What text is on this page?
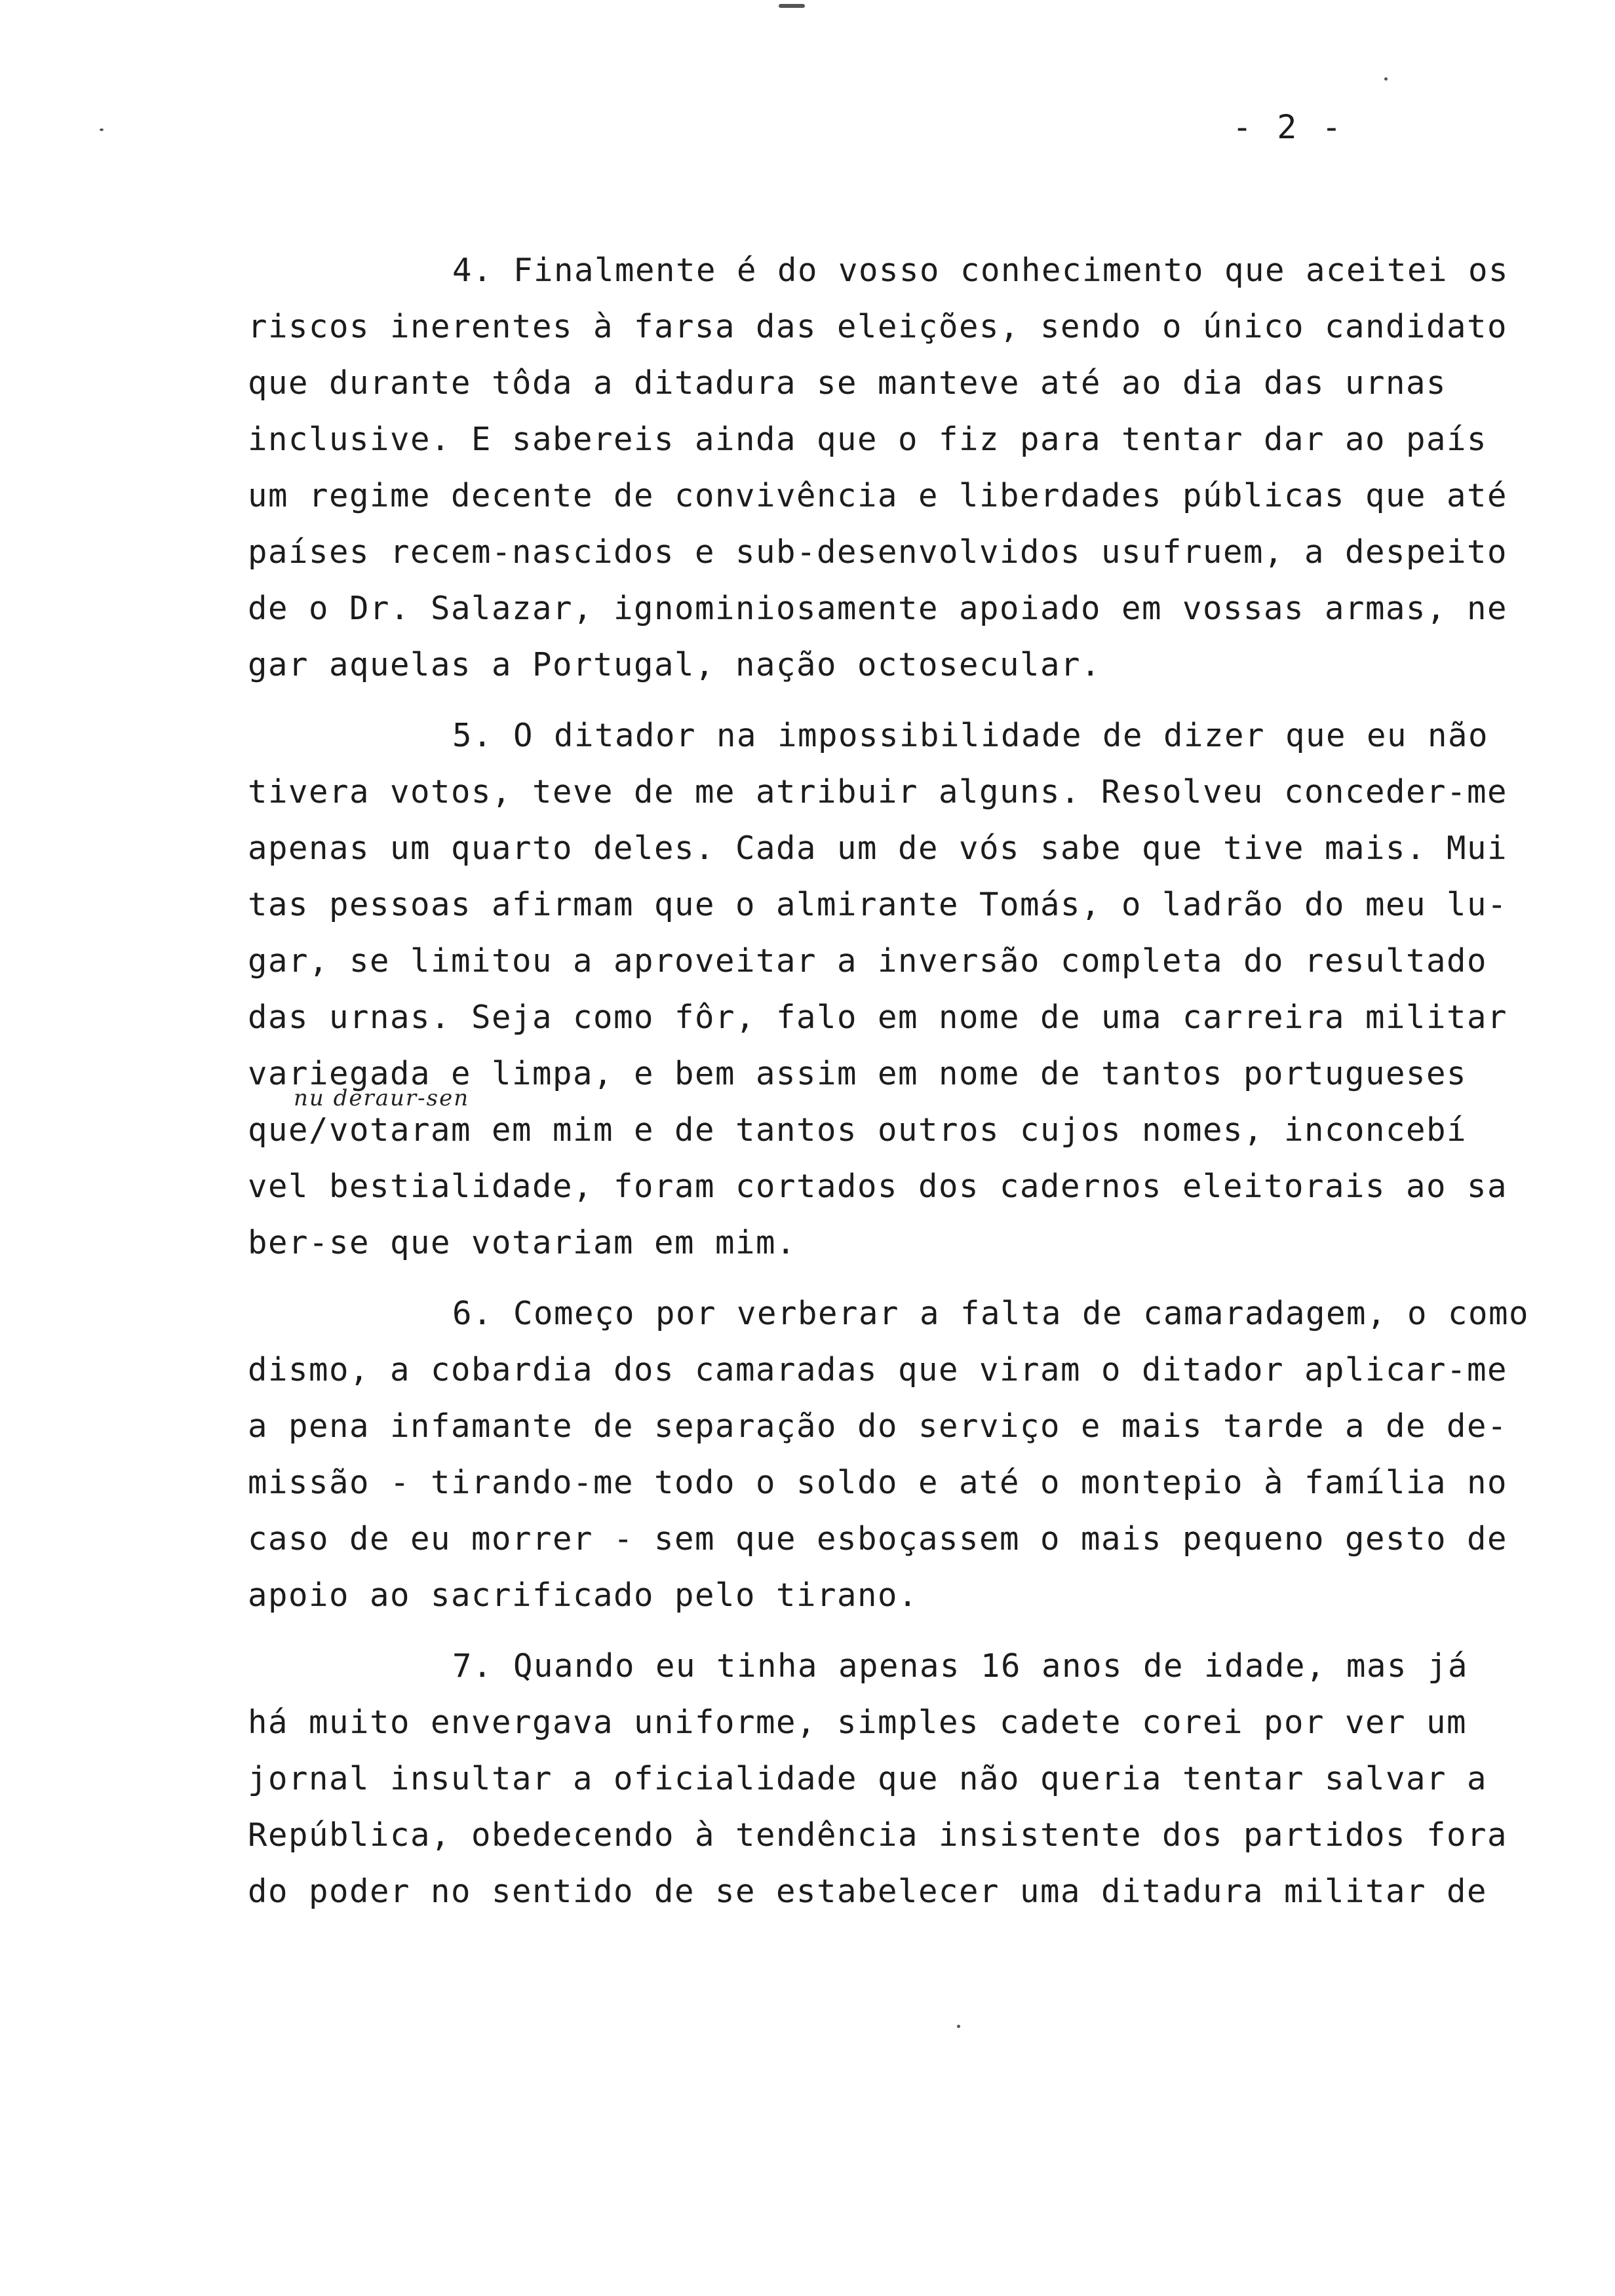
- 2 -
nu deraur-sen
4. Finalmente é do vosso conhecimento que aceitei os
riscos inerentes à farsa das eleições, sendo o único candidato
que durante tôda a ditadura se manteve até ao dia das urnas
inclusive. E sabereis ainda que o fiz para tentar dar ao país
um regime decente de convivência e liberdades públicas que até
países recem-nascidos e sub-desenvolvidos usufruem, a despeito
de o Dr. Salazar, ignominiosamente apoiado em vossas armas, ne
gar aquelas a Portugal, nação octosecular.
5. O ditador na impossibilidade de dizer que eu não
tivera votos, teve de me atribuir alguns. Resolveu conceder-me
apenas um quarto deles. Cada um de vós sabe que tive mais. Mui
tas pessoas afirmam que o almirante Tomás, o ladrão do meu lu-
gar, se limitou a aproveitar a inversão completa do resultado
das urnas. Seja como fôr, falo em nome de uma carreira militar
variegada e limpa, e bem assim em nome de tantos portugueses
que/votaram em mim e de tantos outros cujos nomes, inconcebí
vel bestialidade, foram cortados dos cadernos eleitorais ao sa
ber-se que votariam em mim.
6. Começo por verberar a falta de camaradagem, o como
dismo, a cobardia dos camaradas que viram o ditador aplicar-me
a pena infamante de separação do serviço e mais tarde a de de-
missão - tirando-me todo o soldo e até o montepio à família no
caso de eu morrer - sem que esboçassem o mais pequeno gesto de
apoio ao sacrificado pelo tirano.
7. Quando eu tinha apenas 16 anos de idade, mas já
há muito envergava uniforme, simples cadete corei por ver um
jornal insultar a oficialidade que não queria tentar salvar a
República, obedecendo à tendência insistente dos partidos fora
do poder no sentido de se estabelecer uma ditadura militar de
